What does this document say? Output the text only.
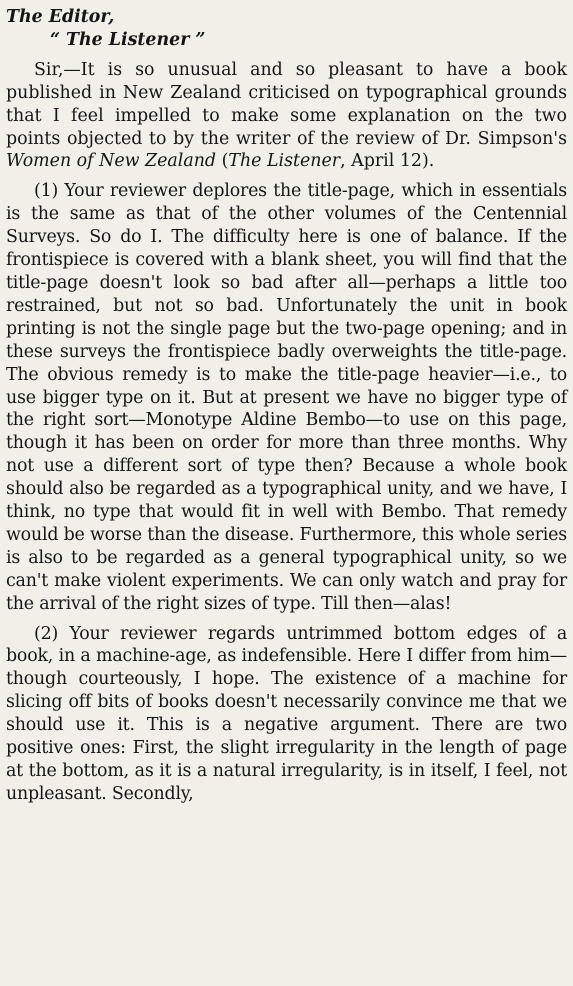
The Editor,
“ The Listener ”

Sir,—It is so unusual and so pleasant to have a book published in New Zealand criticised on typographical grounds that I feel impelled to make some explanation on the two points objected to by the writer of the review of Dr. Simpson's Women of New Zealand (The Listener, April 12).

(1) Your reviewer deplores the title-page, which in essentials is the same as that of the other volumes of the Centennial Surveys. So do I. The difficulty here is one of balance. If the frontispiece is covered with a blank sheet, you will find that the title-page doesn't look so bad after all—perhaps a little too restrained, but not so bad. Unfortunately the unit in book printing is not the single page but the two-page opening; and in these surveys the frontispiece badly overweights the title-page. The obvious remedy is to make the title-page heavier—i.e., to use bigger type on it. But at present we have no bigger type of the right sort—Monotype Aldine Bembo—to use on this page, though it has been on order for more than three months. Why not use a different sort of type then? Because a whole book should also be regarded as a typographical unity, and we have, I think, no type that would fit in well with Bembo. That remedy would be worse than the disease. Furthermore, this whole series is also to be regarded as a general typographical unity, so we can't make violent experiments. We can only watch and pray for the arrival of the right sizes of type. Till then—alas!

(2) Your reviewer regards untrimmed bottom edges of a book, in a machine-age, as indefensible. Here I differ from him—though courteously, I hope. The existence of a machine for slicing off bits of books doesn't necessarily convince me that we should use it. This is a negative argument. There are two positive ones: First, the slight irregularity in the length of page at the bottom, as it is a natural irregularity, is in itself, I feel, not unpleasant. Secondly,
